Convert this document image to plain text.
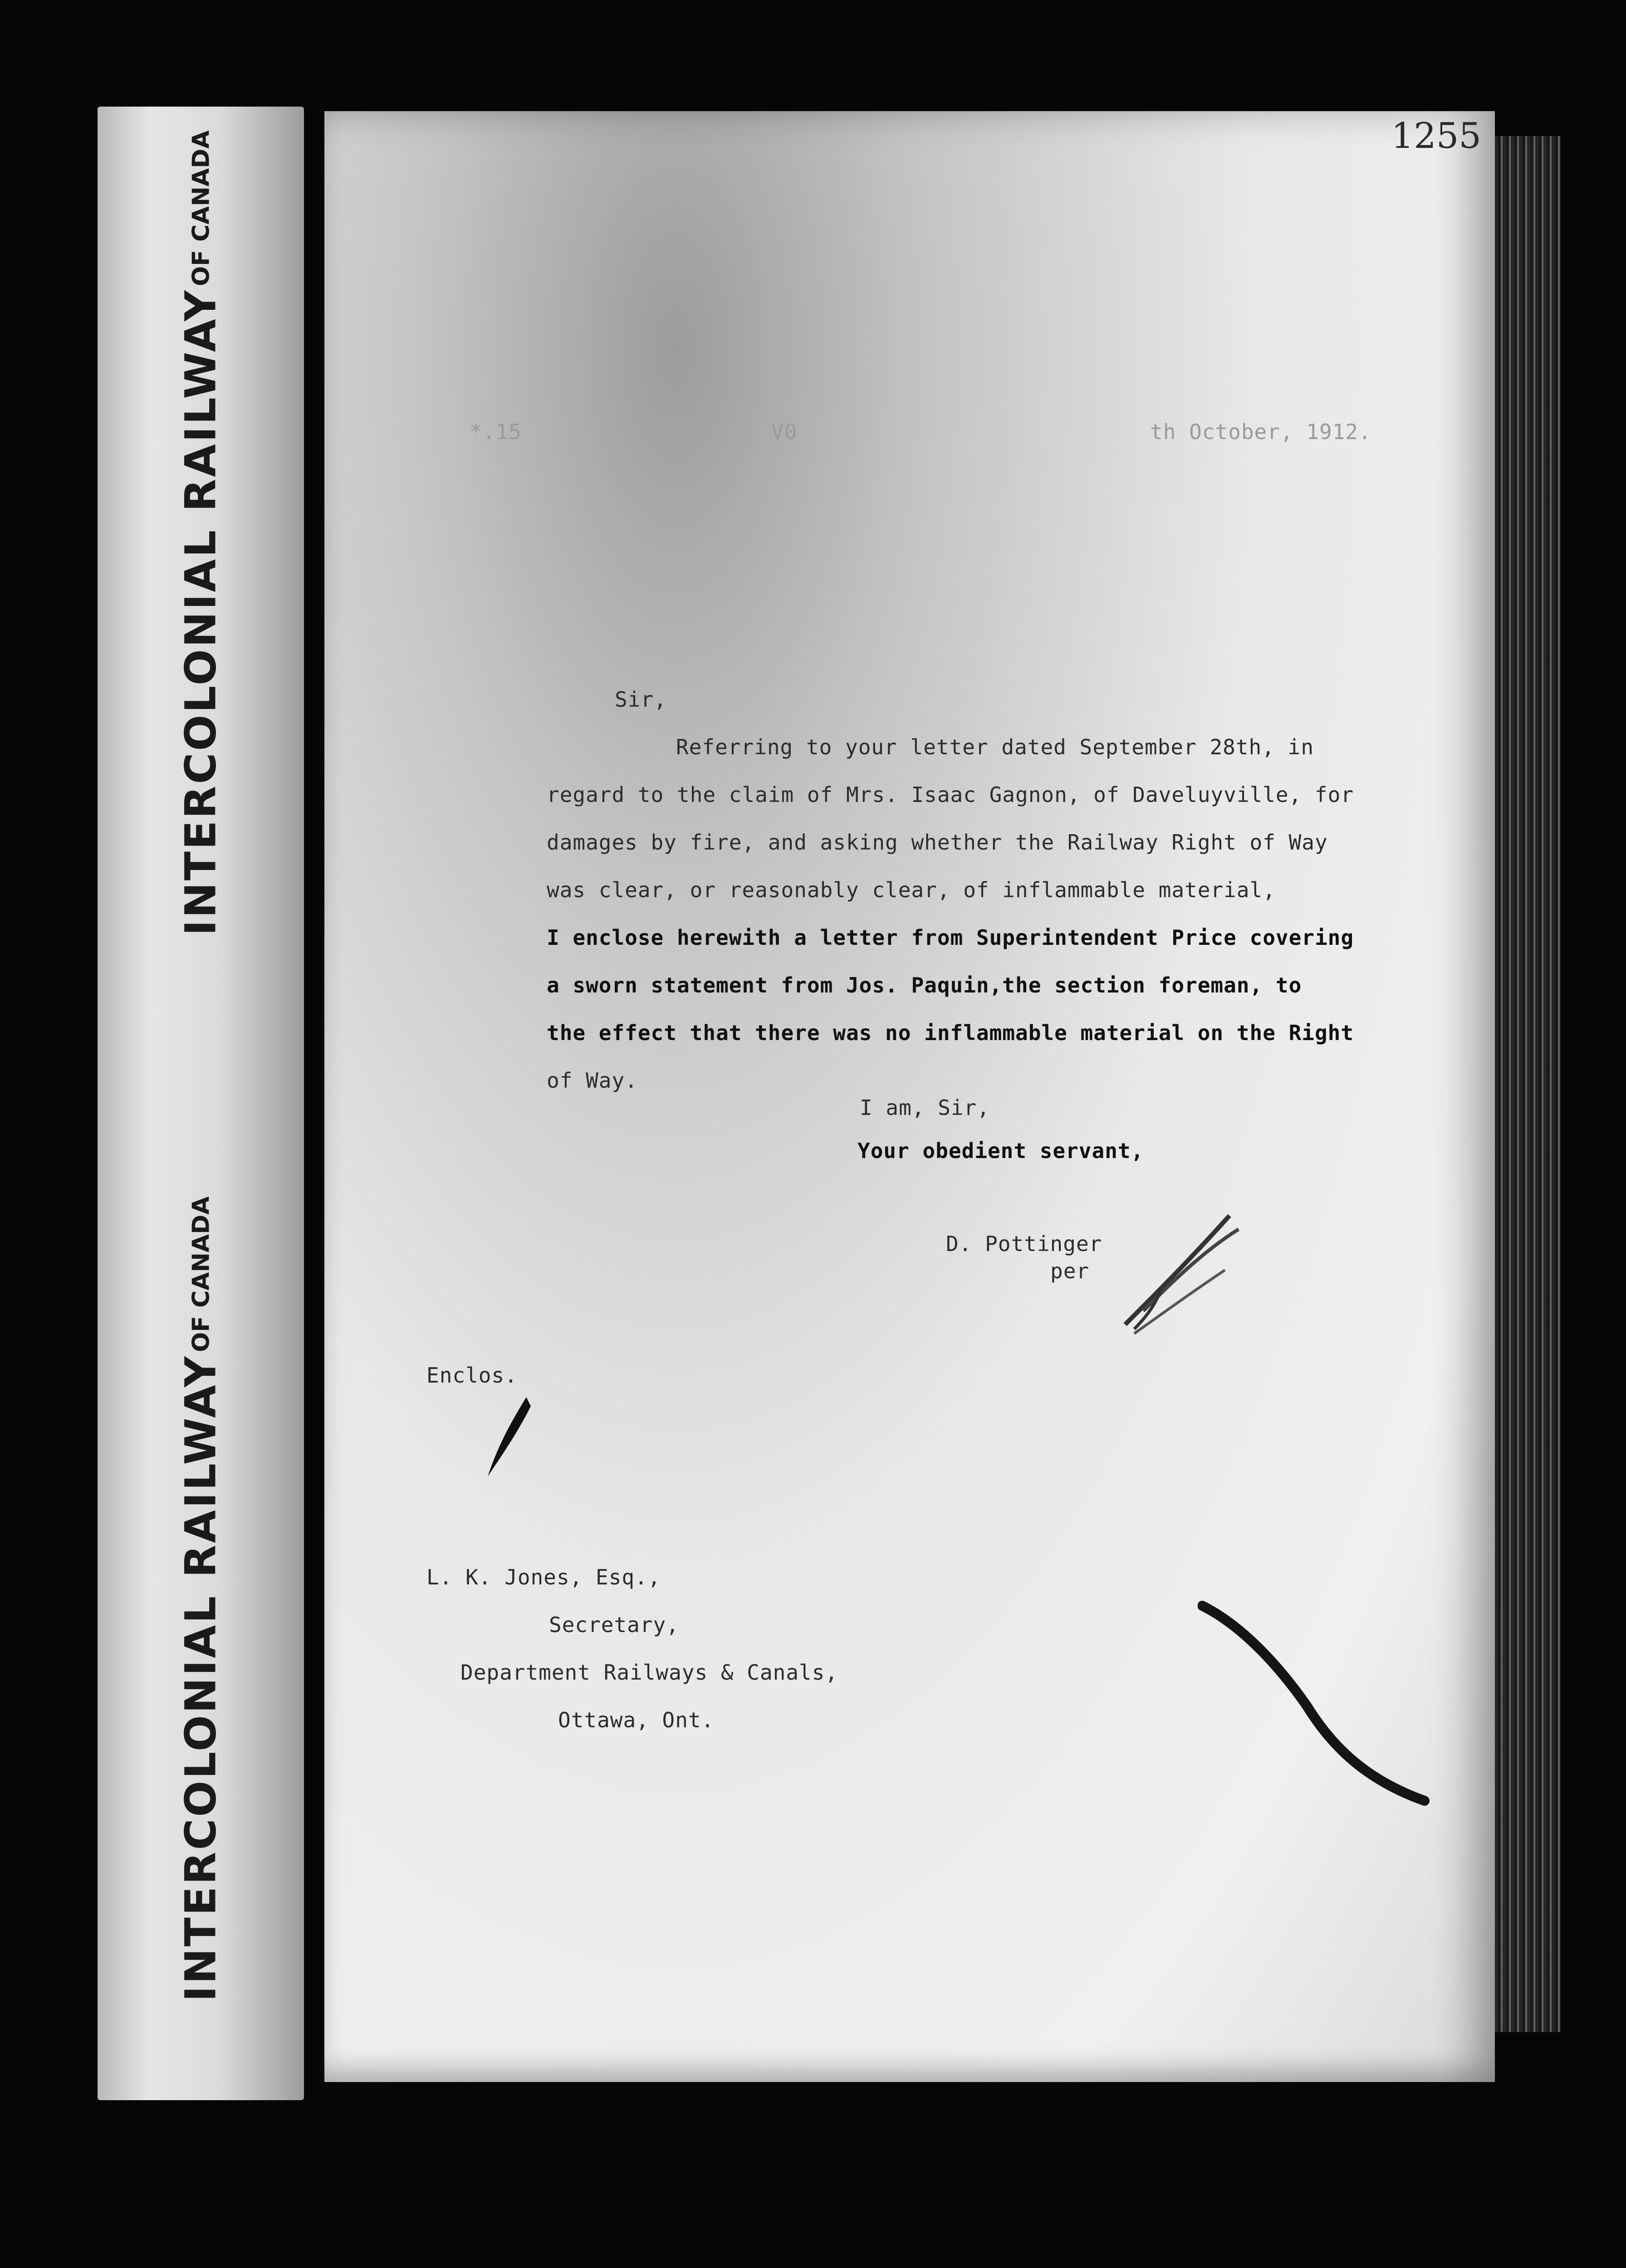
INTERCOLONIAL RAILWAY OF CANADA
INTERCOLONIAL RAILWAY OF CANADA
1255
*.15	V0	th October, 1912.
Sir,
Referring to your letter dated September 28th, in
regard to the claim of Mrs. Isaac Gagnon, of Daveluyville, for
damages by fire, and asking whether the Railway Right of Way
was clear, or reasonably clear, of inflammable material,
I enclose herewith a letter from Superintendent Price covering
a sworn statement from Jos. Paquin,the section foreman, to
the effect that there was no inflammable material on the Right
of Way.
I am, Sir,
Your obedient servant,
D. Pottinger
per
Enclos.
L. K. Jones, Esq.,
Secretary,
Department Railways & Canals,
Ottawa, Ont.
